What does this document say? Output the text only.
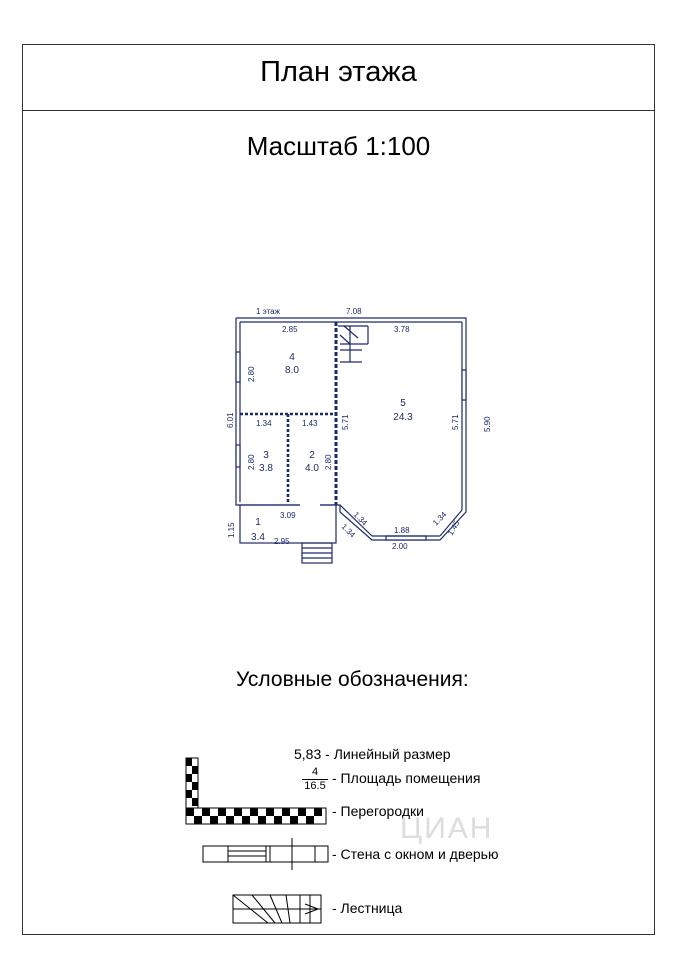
План этажа
Масштаб 1:100
1 этаж	7.08
2.85	3.78
2.80
6.01	1.34	1.43	5.71	5.71	5.90
2.80	2.80
3.09
1.15
2.95
1.34
1.34	1.88
2.00
1.34
1.45
4
8.0
5
24.3
3
3.8
2
4.0
1
3.4
Условные обозначения:
5,83 - Линейный размер
$\frac{4}{16.5}$ - Площадь помещения
- Перегородки
- Стена с окном и дверью
- Лестница
ЦИАН
